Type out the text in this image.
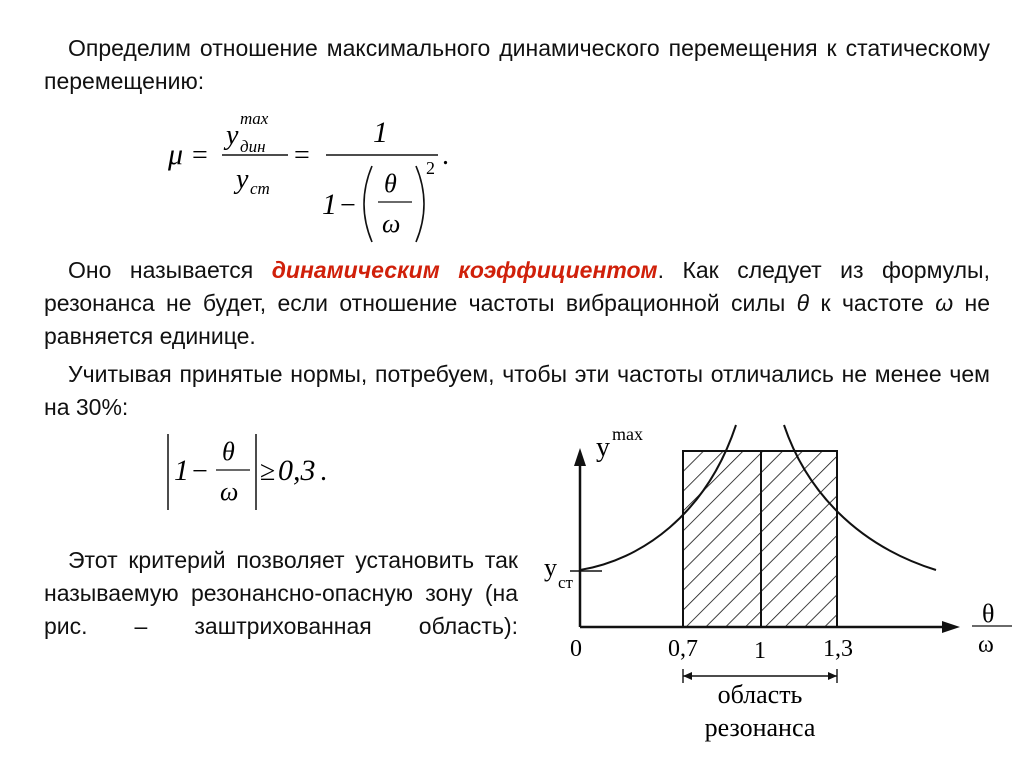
Определим отношение максимального динамического перемещения к статическому перемещению:
μ =
y
max
дин
y ст
=
1
1 −
θ
ω
2 .
Оно называется динамическим коэффициентом. Как следует из формулы, резонанса не будет, если отношение частоты вибрационной силы θ к частоте ω не равняется единице.
Учитывая принятые нормы, потребуем, чтобы эти частоты отличались не менее чем на 30%:
1 −
θ
ω
≥ 0,3 .
Этот критерий позволяет установить так называемую резонансно-опасную зону (на рис. – заштрихованная область):
y max
y
ст
θ
ω
0	0,7 1 1,3
область
резонанса
